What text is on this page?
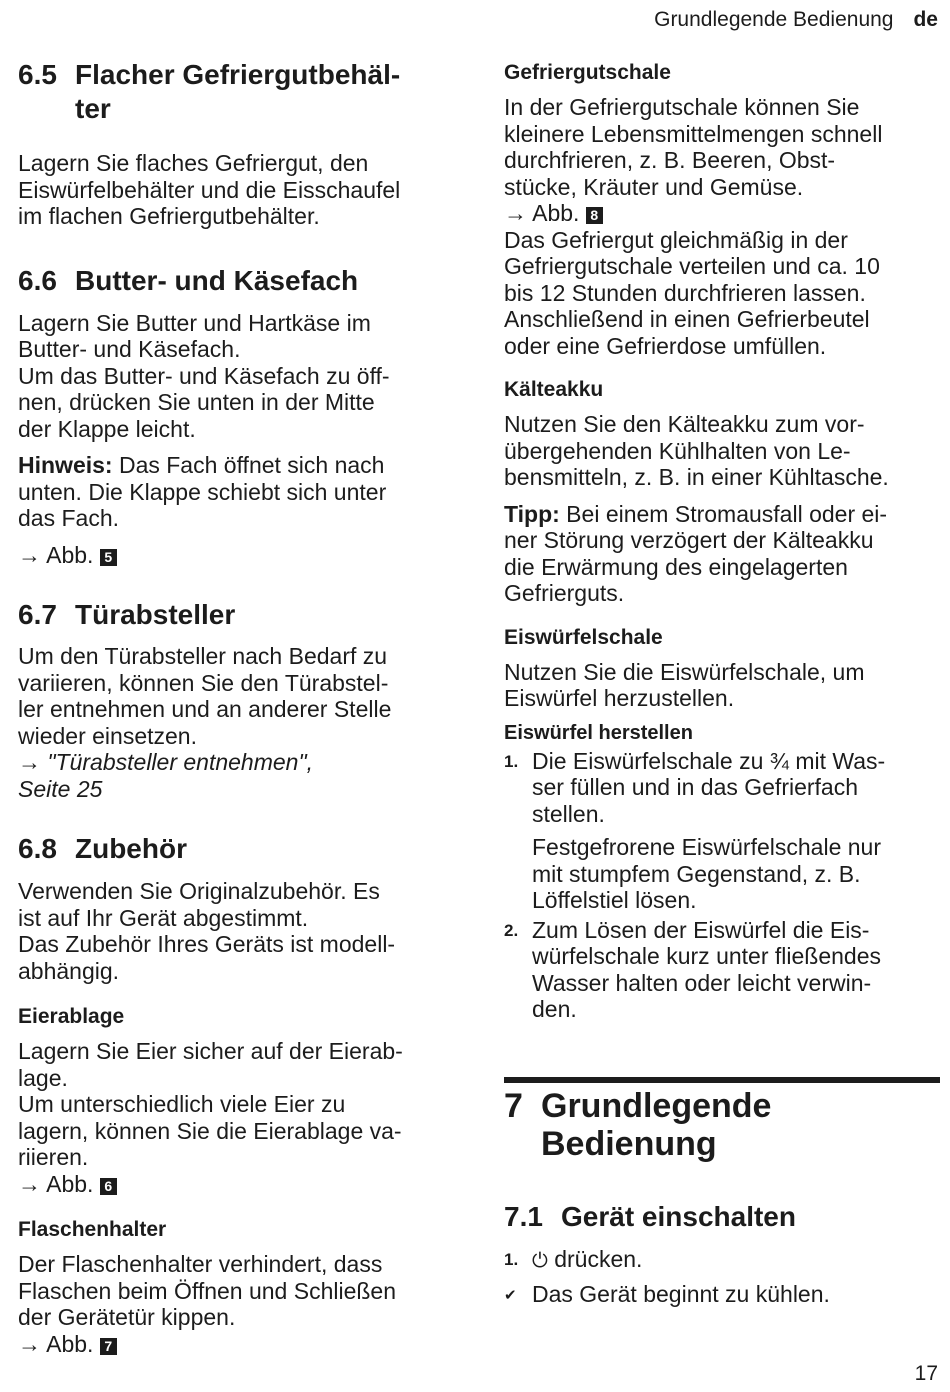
Grundlegende Bedienung de
6.5 Flacher Gefriergutbehäl-
ter

Lagern Sie flaches Gefriergut, den
Eiswürfelbehälter und die Eisschaufel
im flachen Gefriergutbehälter.

6.6 Butter- und Käsefach

Lagern Sie Butter und Hartkäse im
Butter- und Käsefach.
Um das Butter- und Käsefach zu öff-
nen, drücken Sie unten in der Mitte
der Klappe leicht.

Hinweis: Das Fach öffnet sich nach
unten. Die Klappe schiebt sich unter
das Fach.

→ Abb. 5

6.7 Türabsteller

Um den Türabsteller nach Bedarf zu
variieren, können Sie den Türabstel-
ler entnehmen und an anderer Stelle
wieder einsetzen.

→ "Türabsteller entnehmen",
Seite 25

6.8 Zubehör

Verwenden Sie Originalzubehör. Es
ist auf Ihr Gerät abgestimmt.
Das Zubehör Ihres Geräts ist modell-
abhängig.

Eierablage

Lagern Sie Eier sicher auf der Eierab-
lage.
Um unterschiedlich viele Eier zu
lagern, können Sie die Eierablage va-
riieren.
→ Abb. 6

Flaschenhalter

Der Flaschenhalter verhindert, dass
Flaschen beim Öffnen und Schließen
der Gerätetür kippen.
→ Abb. 7

Gefriergutschale

In der Gefriergutschale können Sie
kleinere Lebensmittelmengen schnell
durchfrieren, z. B. Beeren, Obst-
stücke, Kräuter und Gemüse.
→ Abb. 8
Das Gefriergut gleichmäßig in der
Gefriergutschale verteilen und ca. 10
bis 12 Stunden durchfrieren lassen.
Anschließend in einen Gefrierbeutel
oder eine Gefrierdose umfüllen.

Kälteakku

Nutzen Sie den Kälteakku zum vor-
übergehenden Kühlhalten von Le-
bensmitteln, z. B. in einer Kühltasche.

Tipp: Bei einem Stromausfall oder ei-
ner Störung verzögert der Kälteakku
die Erwärmung des eingelagerten
Gefrierguts.

Eiswürfelschale

Nutzen Sie die Eiswürfelschale, um
Eiswürfel herzustellen.

Eiswürfel herstellen
1. Die Eiswürfelschale zu ¾ mit Was-
ser füllen und in das Gefrierfach
stellen.

Festgefrorene Eiswürfelschale nur
mit stumpfem Gegenstand, z. B.
Löffelstiel lösen.

2. Zum Lösen der Eiswürfel die Eis-
würfelschale kurz unter fließendes
Wasser halten oder leicht verwin-
den.

7 Grundlegende
Bedienung
7.1 Gerät einschalten
1. ⏻ drücken.

✔ Das Gerät beginnt zu kühlen.

17
